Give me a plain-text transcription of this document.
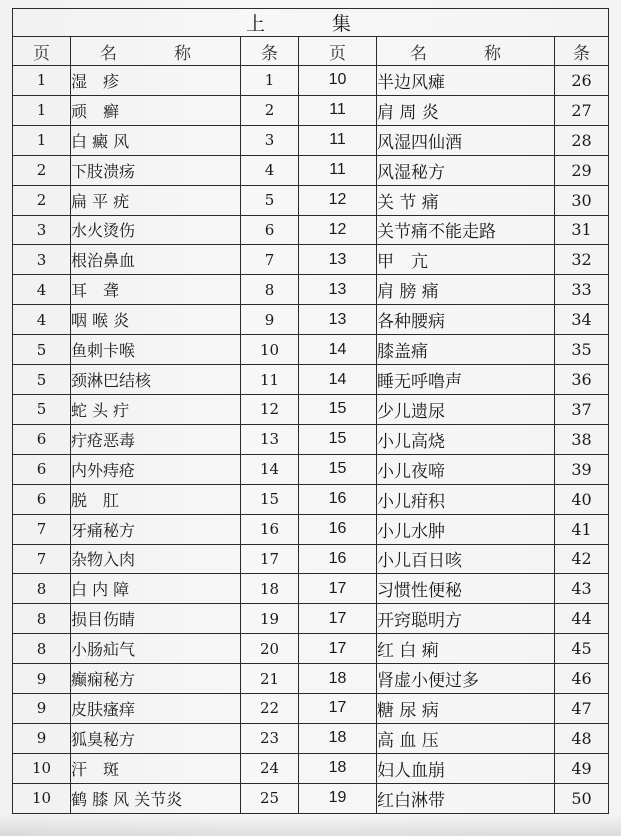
上　集					
页	名　称	条	页	名　称	条
1	湿　疹	1	10	半边风瘫	26
1	顽　癣	2	11	肩 周 炎	27
1	白 癜 风	3	11	风湿四仙酒	28
2	下肢溃疡	4	11	风湿秘方	29
2	扁 平 疣	5	12	关 节 痛	30
3	水火烫伤	6	12	关节痛不能走路	31
3	根治鼻血	7	13	甲　亢	32
4	耳　聋	8	13	肩 膀 痛	33
4	咽 喉 炎	9	13	各种腰病	34
5	鱼刺卡喉	10	14	膝盖痛	35
5	颈淋巴结核	11	14	睡无呼噜声	36
5	蛇 头 疔	12	15	少儿遗尿	37
6	疔疮恶毒	13	15	小儿高烧	38
6	内外痔疮	14	15	小儿夜啼	39
6	脱　肛	15	16	小儿疳积	40
7	牙痛秘方	16	16	小儿水肿	41
7	杂物入肉	17	16	小儿百日咳	42
8	白 内 障	18	17	习惯性便秘	43
8	损目伤睛	19	17	开窍聪明方	44
8	小肠疝气	20	17	红 白 痢	45
9	癫痫秘方	21	18	肾虚小便过多	46
9	皮肤瘙痒	22	17	糖 尿 病	47
9	狐臭秘方	23	18	高 血 压	48
10	汗　斑	24	18	妇人血崩	49
10	鹤 膝 风 关节炎	25	19	红白淋带	50
